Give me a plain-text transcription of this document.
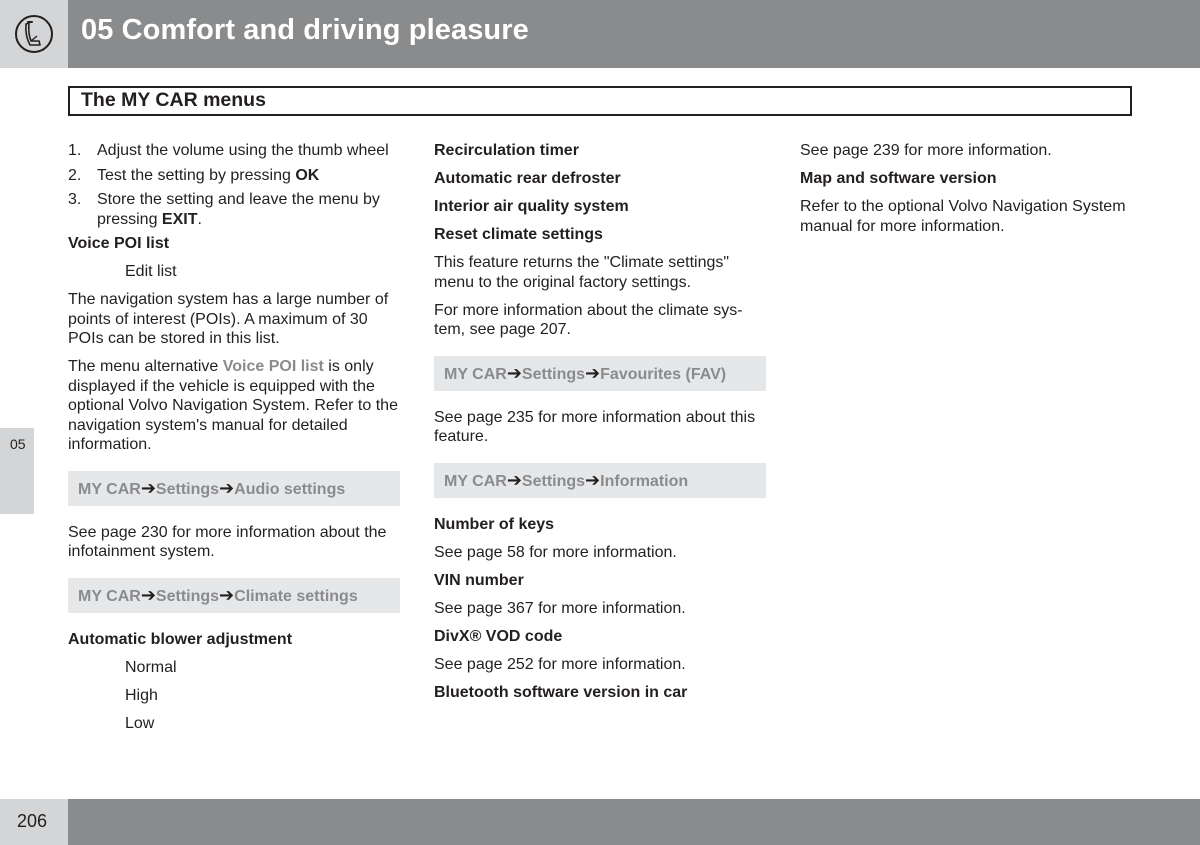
05 Comfort and driving pleasure
The MY CAR menus
05
1. Adjust the volume using the thumb wheel
2. Test the setting by pressing OK
3. Store the setting and leave the menu by pressing EXIT.
Voice POI list
Edit list
The navigation system has a large number of points of interest (POIs). A maximum of 30 POIs can be stored in this list.
The menu alternative Voice POI list is only displayed if the vehicle is equipped with the optional Volvo Navigation System. Refer to the navigation system's manual for detailed information.
MY CAR➔Settings➔Audio settings
See page 230 for more information about the infotainment system.
MY CAR➔Settings➔Climate settings
Automatic blower adjustment
Normal
High
Low
Recirculation timer
Automatic rear defroster
Interior air quality system
Reset climate settings
This feature returns the "Climate settings" menu to the original factory settings.
For more information about the climate sys-tem, see page 207.
MY CAR➔Settings➔Favourites (FAV)
See page 235 for more information about this feature.
MY CAR➔Settings➔Information
Number of keys
See page 58 for more information.
VIN number
See page 367 for more information.
DivX® VOD code
See page 252 for more information.
Bluetooth software version in car
See page 239 for more information.
Map and software version
Refer to the optional Volvo Navigation System manual for more information.
206
